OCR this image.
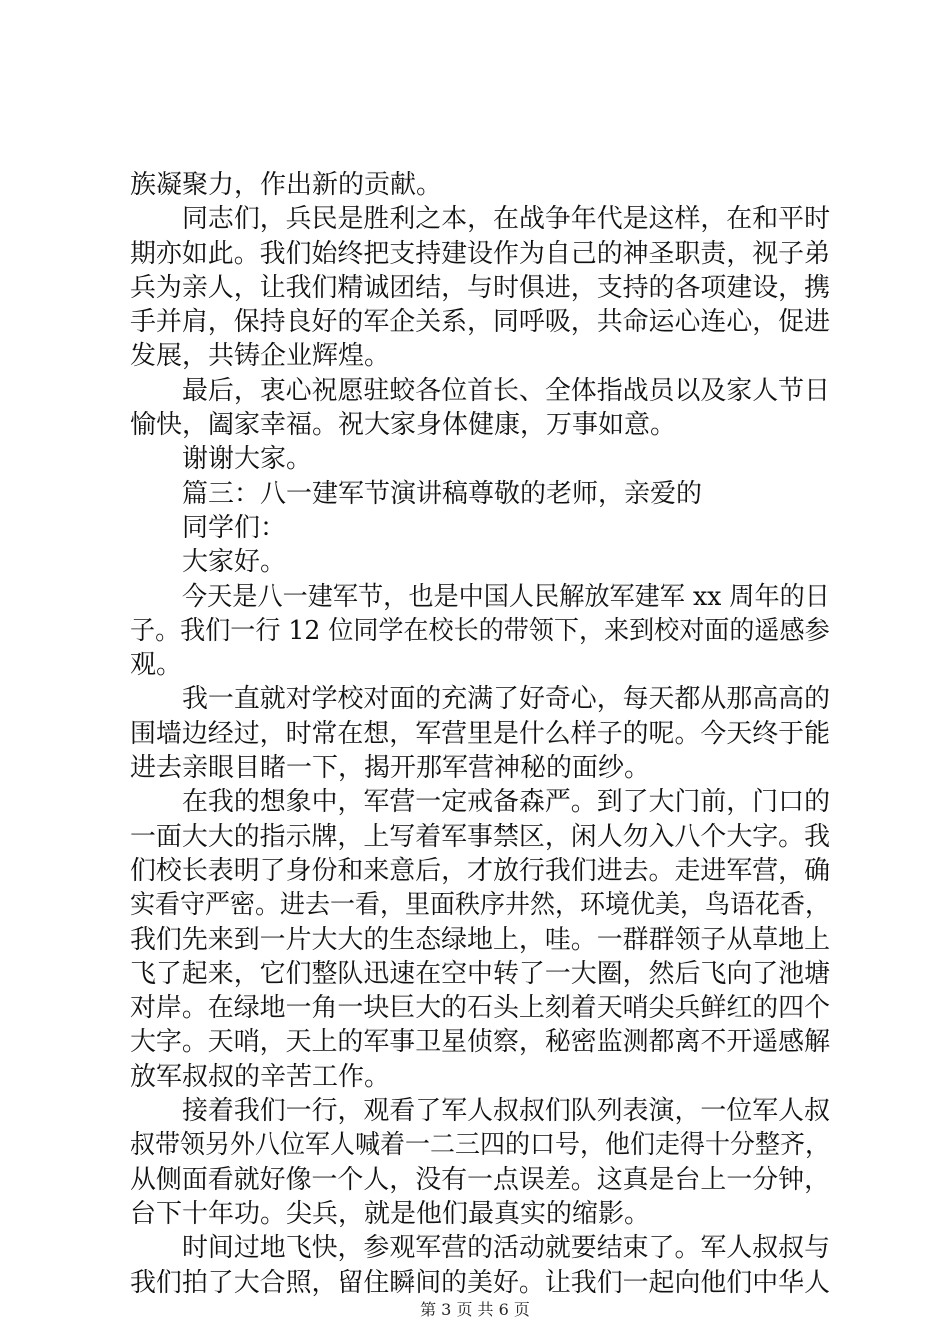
族凝聚力，作出新的贡献。
同志们，兵民是胜利之本，在战争年代是这样，在和平时
期亦如此。我们始终把支持建设作为自己的神圣职责，视子弟
兵为亲人，让我们精诚团结，与时俱进，支持的各项建设，携
手并肩，保持良好的军企关系，同呼吸，共命运心连心，促进
发展，共铸企业辉煌。
最后，衷心祝愿驻蛟各位首长、全体指战员以及家人节日
愉快，阖家幸福。祝大家身体健康，万事如意。
谢谢大家。
篇三：八一建军节演讲稿尊敬的老师，亲爱的
同学们：
大家好。
今天是八一建军节，也是中国人民解放军建军 xx 周年的日
子。我们一行 12 位同学在校长的带领下，来到校对面的遥感参
观。
我一直就对学校对面的充满了好奇心，每天都从那高高的
围墙边经过，时常在想，军营里是什么样子的呢。今天终于能
进去亲眼目睹一下，揭开那军营神秘的面纱。
在我的想象中，军营一定戒备森严。到了大门前，门口的
一面大大的指示牌，上写着军事禁区，闲人勿入八个大字。我
们校长表明了身份和来意后，才放行我们进去。走进军营，确
实看守严密。进去一看，里面秩序井然，环境优美，鸟语花香，
我们先来到一片大大的生态绿地上，哇。一群群领子从草地上
飞了起来，它们整队迅速在空中转了一大圈，然后飞向了池塘
对岸。在绿地一角一块巨大的石头上刻着天哨尖兵鲜红的四个
大字。天哨，天上的军事卫星侦察，秘密监测都离不开遥感解
放军叔叔的辛苦工作。
接着我们一行，观看了军人叔叔们队列表演，一位军人叔
叔带领另外八位军人喊着一二三四的口号，他们走得十分整齐，
从侧面看就好像一个人，没有一点误差。这真是台上一分钟，
台下十年功。尖兵，就是他们最真实的缩影。
时间过地飞快，参观军营的活动就要结束了。军人叔叔与
我们拍了大合照，留住瞬间的美好。让我们一起向他们中华人
第 3 页 共 6 页
